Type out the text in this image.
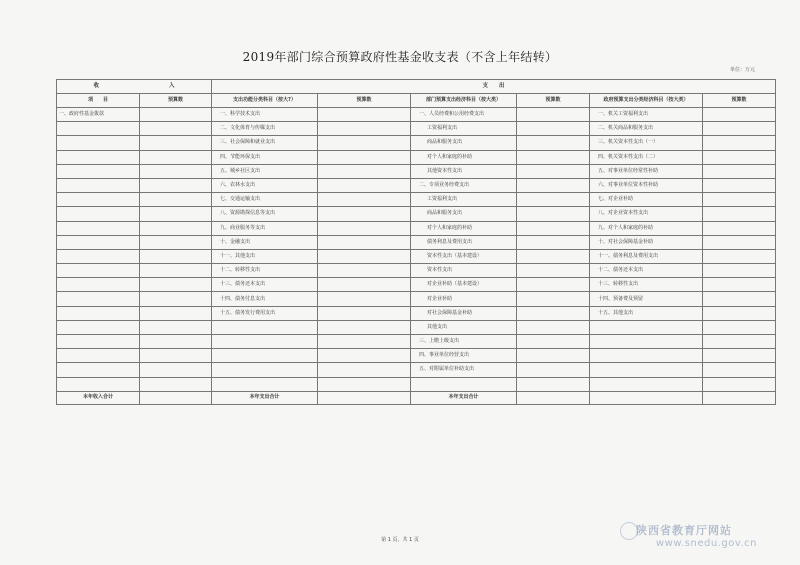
2019年部门综合预算政府性基金收支表（不含上年结转）
单位：万元
收 入		支　　出					
项　　目	预算数	支出功能分类科目（按大?）	预算数	部门预算支出经济科目（按大类）	预算数	政府预算支出分类经济科目（按大类）	预算数
一、政府性基金拨款		一、科学技术支出		一、人员经费和公用经费支出		一、机关工资福利支出	
		二、文化体育与传媒支出		工资福利支出		二、机关商品和服务支出	
		三、社会保障和就业支出		商品和服务支出		三、机关资本性支出（一）	
		四、节能环保支出		对个人和家庭的补助		四、机关资本性支出（二）	
		五、城乡社区支出		其他资本性支出		五、对事业单位经常性补助	
		六、农林水支出		二、专项业务经费支出		六、对事业单位资本性补助	
		七、交通运输支出		工资福利支出		七、对企业补助	
		八、资源勘探信息等支出		商品和服务支出		八、对企业资本性支出	
		九、商业服务等支出		对个人和家庭的补助		九、对个人和家庭的补助	
		十、金融支出		债务利息及费用支出		十、对社会保障基金补助	
		十一、其他支出		资本性支出（基本建设）		十一、债务利息及费用支出	
		十二、转移性支出		资本性支出		十二、债务还本支出	
		十三、债务还本支出		对企业补助（基本建设）		十三、转移性支出	
		十四、债务付息支出		对企业补助		十四、预备费及预留	
		十五、债务发行费用支出		对社会保障基金补助		十五、其他支出	
				其他支出			
				三、上缴上级支出			
				四、事业单位经营支出			
				五、对附属单位补助支出			

本年收入合计		本年支出合计		本年支出合计			
第 1 页，共 1 页
陕西省教育厅网站
www.snedu.gov.cn
